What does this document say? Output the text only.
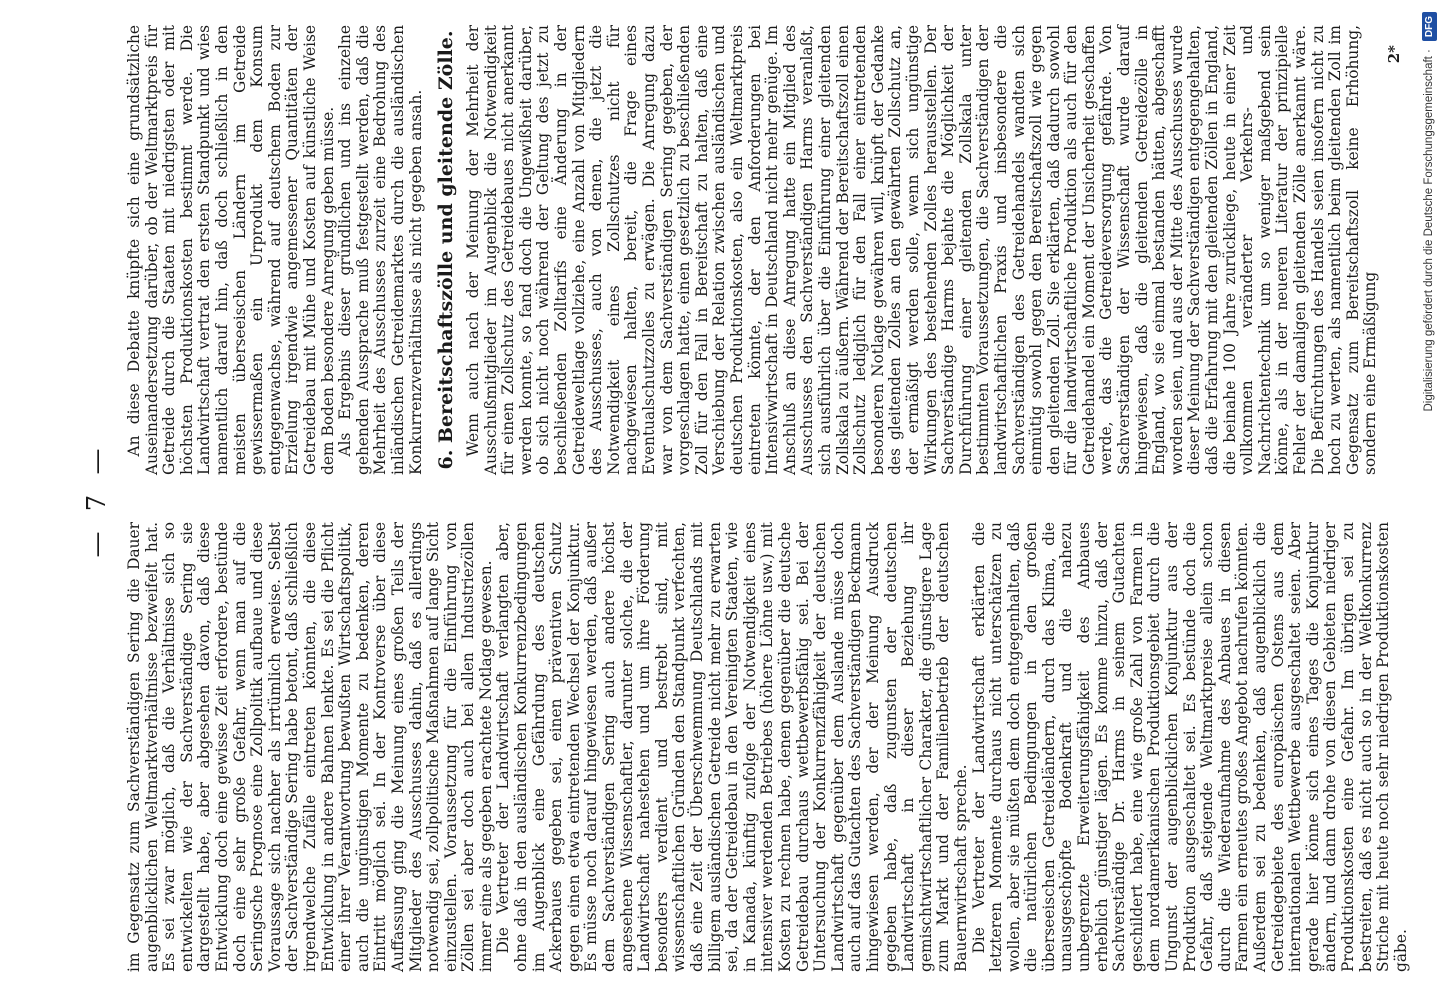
— 7 —

im Gegensatz zum Sachverständigen Sering die Dauer augenblicklichen Weltmarktverhältnisse bezweifelt hat. Es sei zwar möglich, daß die Verhältnisse sich so entwickelten wie der Sachverständige Sering sie dargestellt habe, aber abgesehen davon, daß diese Entwicklung doch eine gewisse Zeit erfordere, bestünde doch eine sehr große Gefahr, wenn man auf die Seringsche Prognose eine Zollpolitik aufbaue und diese Voraussage sich nachher als irrtümlich erweise. Selbst der Sachverständige Sering habe betont, daß schließlich irgendwelche Zufälle eintreten könnten, die diese Entwicklung in andere Bahnen lenkte. Es sei die Pflicht einer ihrer Verantwortung bewußten Wirtschaftspolitik, auch die ungünstigen Momente zu bedenken, deren Eintritt möglich sei. In der Kontroverse über diese Auffassung ging die Meinung eines großen Teils der Mitglieder des Ausschusses dahin, daß es allerdings notwendig sei, zollpolitische Maßnahmen auf lange Sicht einzustellen. Voraussetzung für die Einführung von Zöllen sei aber doch auch bei allen Industriezöllen immer eine als gegeben erachtete Notlage gewesen. Die Vertreter der Landwirtschaft verlangten aber, ohne daß in den ausländischen Konkurrenzbedingungen im Augenblick eine Gefährdung des deutschen Ackerbaues gegeben sei, einen präventiven Schutz gegen einen etwa eintretenden Wechsel der Konjunktur. Es müsse noch darauf hingewiesen werden, daß außer dem Sachverständigen Sering auch andere höchst angesehene Wissenschaftler, darunter solche, die der Landwirtschaft nahestehen und um ihre Förderung besonders verdient und bestrebt sind, mit wissenschaftlichen Gründen den Standpunkt verfechten, daß eine Zeit der Überschwemmung Deutschlands mit billigem ausländischen Getreide nicht mehr zu erwarten sei, da der Getreidebau in den Vereinigten Staaten, wie in Kanada, künftig zufolge der Notwendigkeit eines intensiver werdenden Betriebes (höhere Löhne usw.) mit Kosten zu rechnen habe, denen gegenüber die deutsche Getreidebau durchaus wettbewerbsfähig sei. Bei der Untersuchung der Konkurrenzfähigkeit der deutschen Landwirtschaft gegenüber dem Auslande müsse doch auch auf das Gutachten des Sachverständigen Beckmann hingewiesen werden, der der Meinung Ausdruck gegeben habe, daß zugunsten der deutschen Landwirtschaft in dieser Beziehung ihr gemischtwirtschaftlicher Charakter, die günstigere Lage zum Markt und der Familienbetrieb der deutschen Bauernwirtschaft spreche. Die Vertreter der Landwirtschaft erklärten die letzteren Momente durchaus nicht unterschätzen zu wollen, aber sie müßten dem doch entgegenhalten, daß die natürlichen Bedingungen in den großen überseeischen Getreideländern, durch das Klima, die unausgeschöpfte Bodenkraft und die nahezu unbegrenzte Erweiterungsfähigkeit des Anbaues erheblich günstiger lägen. Es komme hinzu, daß der Sachverständige Dr. Harms in seinem Gutachten geschildert habe, eine wie große Zahl von Farmen in dem nordamerikanischen Produktionsgebiet durch die Ungunst der augenblicklichen Konjunktur aus der Produktion ausgeschaltet sei. Es bestünde doch die Gefahr, daß steigende Weltmarktpreise allein schon durch die Wiederaufnahme des Anbaues in diesen Farmen ein erneutes großes Angebot nachrufen könnten. Außerdem sei zu bedenken, daß augenblicklich die Getreidegebiete des europäischen Ostens aus dem internationalen Wettbewerbe ausgeschaltet seien. Aber gerade hier könne sich eines Tages die Konjunktur ändern, und dann drohe von diesen Gebieten niedriger Produktionskosten eine Gefahr. Im übrigen sei zu bestreiten, daß es nicht auch so in der Weltkonkurrenz Striche mit heute noch sehr niedrigen Produktionskosten gäbe.

An diese Debatte knüpfte sich eine grundsätzliche Auseinandersetzung darüber, ob der Weltmarktpreis für Getreide durch die Staaten mit niedrigsten oder mit höchsten Produktionskosten bestimmt werde. Die Landwirtschaft vertrat den ersten Standpunkt und wies namentlich darauf hin, daß doch schließlich in den meisten überseeischen Ländern im Getreide gewissermaßen ein Urprodukt dem Konsum entgegenwachse, während auf deutschem Boden zur Erzielung irgendwie angemessener Quantitäten der Getreidebau mit Mühe und Kosten auf künstliche Weise dem Boden besondere Anregung geben müsse. Als Ergebnis dieser gründlichen und ins einzelne gehenden Aussprache muß festgestellt werden, daß die Mehrheit des Ausschusses zurzeit eine Bedrohung des inländischen Getreidemarktes durch die ausländischen Konkurrenzverhältnisse als nicht gegeben ansah. 6. Bereitschaftszölle und gleitende Zölle. Wenn auch nach der Meinung der Mehrheit der Ausschußmitglieder im Augenblick die Notwendigkeit für einen Zollschutz des Getreidebaues nicht anerkannt werden konnte, so fand doch die Ungewißheit darüber, ob sich nicht noch während der Geltung des jetzt zu beschließenden Zolltarifs eine Änderung in der Getreideweltlage vollziehe, eine Anzahl von Mitgliedern des Ausschusses, auch von denen, die jetzt die Notwendigkeit eines Zollschutzes nicht für nachgewiesen halten, bereit, die Frage eines Eventualschutzzolles zu erwägen. Die Anregung dazu war von dem Sachverständigen Sering gegeben, der vorgeschlagen hatte, einen gesetzlich zu beschließenden Zoll für den Fall in Bereitschaft zu halten, daß eine Verschiebung der Relation zwischen ausländischen und deutschen Produktionskosten, also ein Weltmarktpreis eintreten könnte, der den Anforderungen bei Intensivwirtschaft in Deutschland nicht mehr genüge. Im Anschluß an diese Anregung hatte ein Mitglied des Ausschusses den Sachverständigen Harms veranlaßt, sich ausführlich über die Einführung einer gleitenden Zollskala zu äußern. Während der Bereitschaftszoll einen Zollschutz lediglich für den Fall einer eintretenden besonderen Notlage gewähren will, knüpft der Gedanke des gleitenden Zolles an den gewährten Zollschutz an, der ermäßigt werden solle, wenn sich ungünstige Wirkungen des bestehenden Zolles herausstellen. Der Sachverständige Harms bejahte die Möglichkeit der Durchführung einer gleitenden Zollskala unter bestimmten Voraussetzungen, die Sachverständigen der landwirtschaftlichen Praxis und insbesondere die Sachverständigen des Getreidehandels wandten sich einmütig sowohl gegen den Bereitschaftszoll wie gegen den gleitenden Zoll. Sie erklärten, daß dadurch sowohl für die landwirtschaftliche Produktion als auch für den Getreidehandel ein Moment der Unsicherheit geschaffen werde, das die Getreideversorgung gefährde. Von Sachverständigen der Wissenschaft wurde darauf hingewiesen, daß die gleitenden Getreidezölle in England, wo sie einmal bestanden hätten, abgeschafft worden seien, und aus der Mitte des Ausschusses wurde dieser Meinung der Sachverständigen entgegengehalten, daß die Erfahrung mit den gleitenden Zöllen in England, die beinahe 100 Jahre zurückliege, heute in einer Zeit vollkommen veränderter Verkehrs- und Nachrichtentechnik um so weniger maßgebend sein könne, als in der neueren Literatur der prinzipielle Fehler der damaligen gleitenden Zölle anerkannt wäre. Die Befürchtungen des Handels seien insofern nicht zu hoch zu werten, als namentlich beim gleitenden Zoll im Gegensatz zum Bereitschaftszoll keine Erhöhung, sondern eine Ermäßigung

2* Digitalisierung gefördert durch die Deutsche Forschungsgemeinschaft ·
DFG
